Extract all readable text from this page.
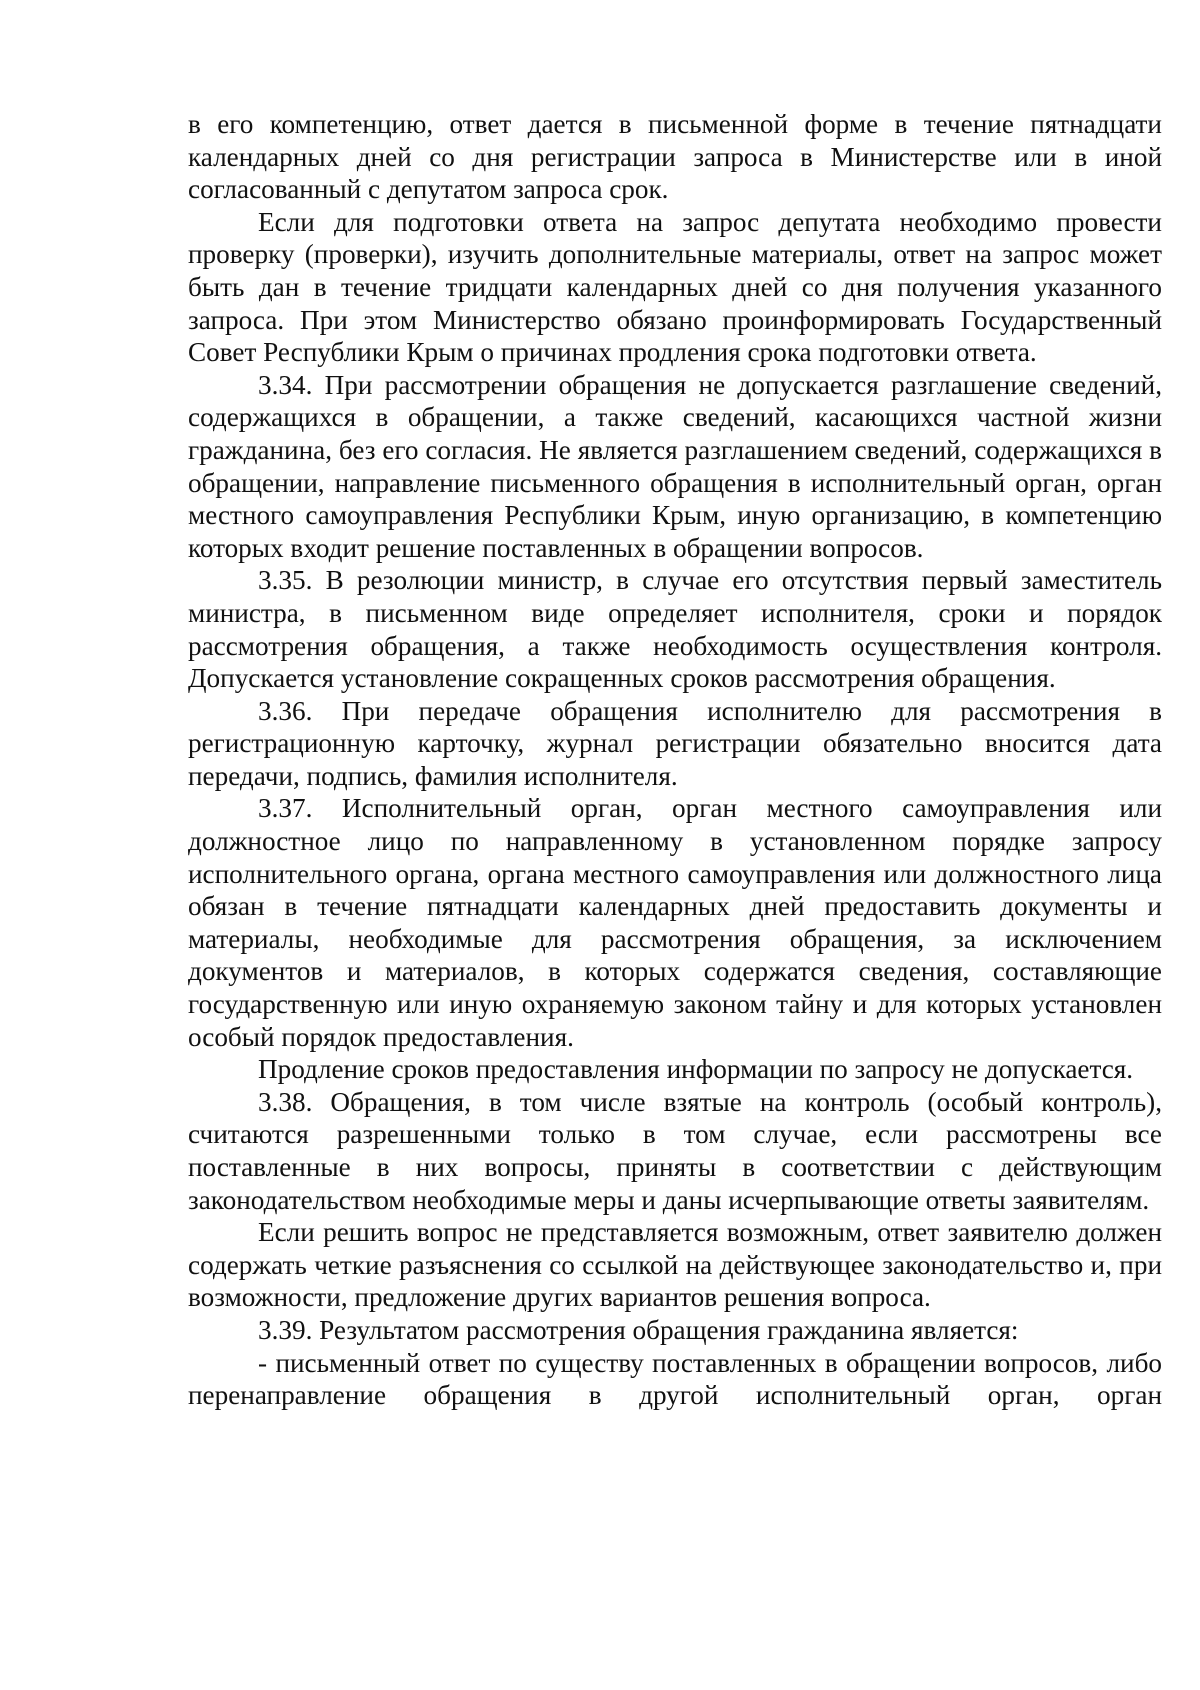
в его компетенцию, ответ дается в письменной форме в течение пятнадцати календарных дней со дня регистрации запроса в Министерстве или в иной согласованный с депутатом запроса срок.

Если для подготовки ответа на запрос депутата необходимо провести проверку (проверки), изучить дополнительные материалы, ответ на запрос может быть дан в течение тридцати календарных дней со дня получения указанного запроса. При этом Министерство обязано проинформировать Государственный Совет Республики Крым о причинах продления срока подготовки ответа.

3.34. При рассмотрении обращения не допускается разглашение сведений, содержащихся в обращении, а также сведений, касающихся частной жизни гражданина, без его согласия. Не является разглашением сведений, содержащихся в обращении, направление письменного обращения в исполнительный орган, орган местного самоуправления Республики Крым, иную организацию, в компетенцию которых входит решение поставленных в обращении вопросов.

3.35. В резолюции министр, в случае его отсутствия первый заместитель министра, в письменном виде определяет исполнителя, сроки и порядок рассмотрения обращения, а также необходимость осуществления контроля. Допускается установление сокращенных сроков рассмотрения обращения.

3.36. При передаче обращения исполнителю для рассмотрения в регистрационную карточку, журнал регистрации обязательно вносится дата передачи, подпись, фамилия исполнителя.

3.37. Исполнительный орган, орган местного самоуправления или должностное лицо по направленному в установленном порядке запросу исполнительного органа, органа местного самоуправления или должностного лица обязан в течение пятнадцати календарных дней предоставить документы и материалы, необходимые для рассмотрения обращения, за исключением документов и материалов, в которых содержатся сведения, составляющие государственную или иную охраняемую законом тайну и для которых установлен особый порядок предоставления.

Продление сроков предоставления информации по запросу не допускается.

3.38. Обращения, в том числе взятые на контроль (особый контроль), считаются разрешенными только в том случае, если рассмотрены все поставленные в них вопросы, приняты в соответствии с действующим законодательством необходимые меры и даны исчерпывающие ответы заявителям.

Если решить вопрос не представляется возможным, ответ заявителю должен содержать четкие разъяснения со ссылкой на действующее законодательство и, при возможности, предложение других вариантов решения вопроса.

3.39. Результатом рассмотрения обращения гражданина является:

- письменный ответ по существу поставленных в обращении вопросов, либо перенаправление обращения в другой исполнительный орган, орган
